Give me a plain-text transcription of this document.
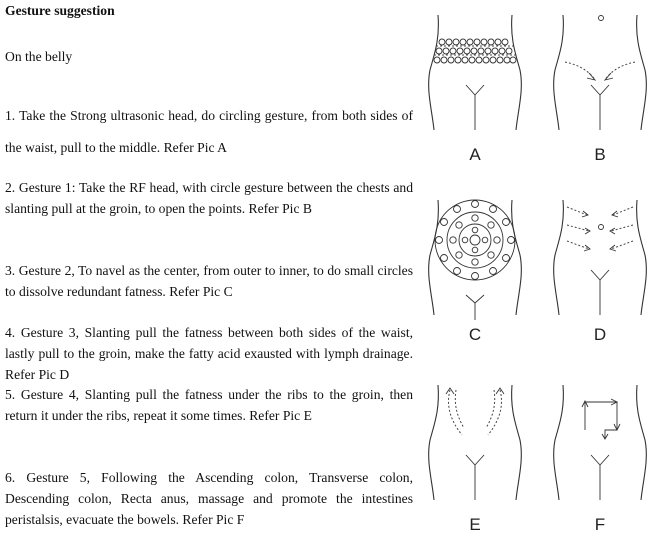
Gesture suggestion

On the belly

1. Take the Strong ultrasonic head, do circling gesture, from both sides of the waist, pull to the middle. Refer Pic A

2. Gesture 1: Take the RF head, with circle gesture between the chests and slanting pull at the groin, to open the points. Refer Pic B

3. Gesture 2, To navel as the center, from outer to inner, to do small circles to dissolve redundant fatness. Refer Pic C

4. Gesture 3, Slanting pull the fatness between both sides of the waist, lastly pull to the groin, make the fatty acid exausted with lymph drainage. Refer Pic D

5. Gesture 4, Slanting pull the fatness under the ribs to the groin, then return it under the ribs, repeat it some times. Refer Pic E

6. Gesture 5, Following the Ascending colon, Transverse colon, Descending colon, Recta anus, massage and promote the intestines peristalsis, evacuate the bowels. Refer Pic F

A	B
C	D
E	F
